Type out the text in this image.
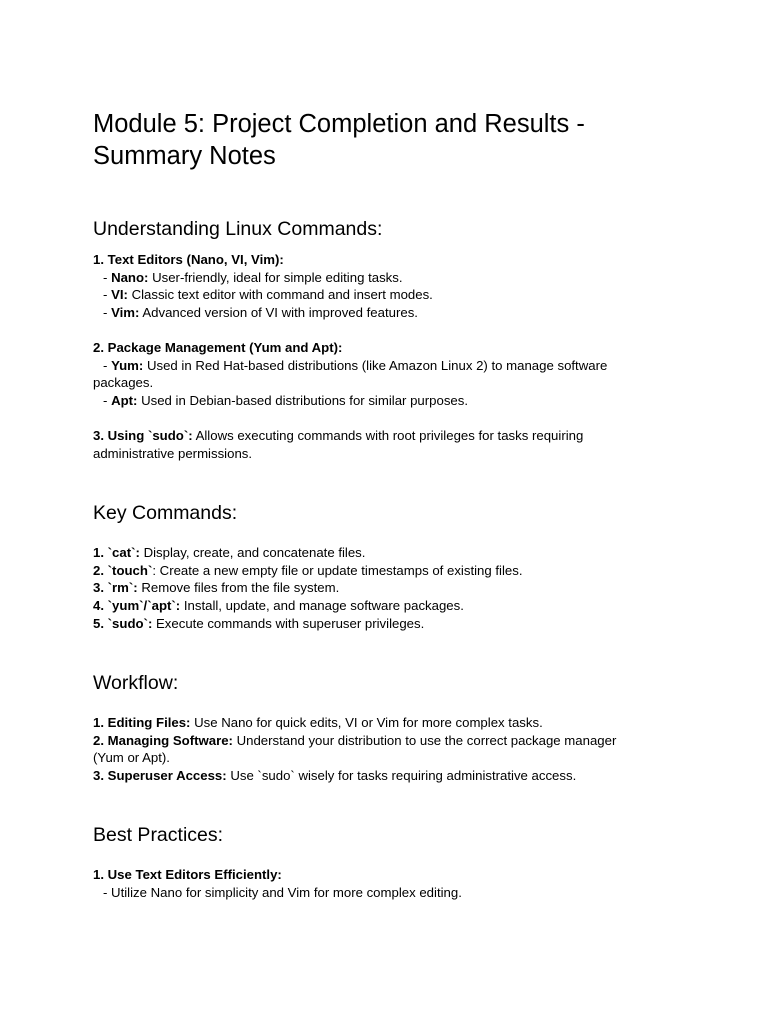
Module 5: Project Completion and Results -
Summary Notes
Understanding Linux Commands:
1. Text Editors (Nano, VI, Vim):
- Nano: User-friendly, ideal for simple editing tasks.
- VI: Classic text editor with command and insert modes.
- Vim: Advanced version of VI with improved features.
2. Package Management (Yum and Apt):
- Yum: Used in Red Hat-based distributions (like Amazon Linux 2) to manage software
packages.
- Apt: Used in Debian-based distributions for similar purposes.
3. Using `sudo`: Allows executing commands with root privileges for tasks requiring
administrative permissions.
Key Commands:
1. `cat`: Display, create, and concatenate files.
2. `touch`: Create a new empty file or update timestamps of existing files.
3. `rm`: Remove files from the file system.
4. `yum`/`apt`: Install, update, and manage software packages.
5. `sudo`: Execute commands with superuser privileges.
Workflow:
1. Editing Files: Use Nano for quick edits, VI or Vim for more complex tasks.
2. Managing Software: Understand your distribution to use the correct package manager
(Yum or Apt).
3. Superuser Access: Use `sudo` wisely for tasks requiring administrative access.
Best Practices:
1. Use Text Editors Efficiently:
- Utilize Nano for simplicity and Vim for more complex editing.
